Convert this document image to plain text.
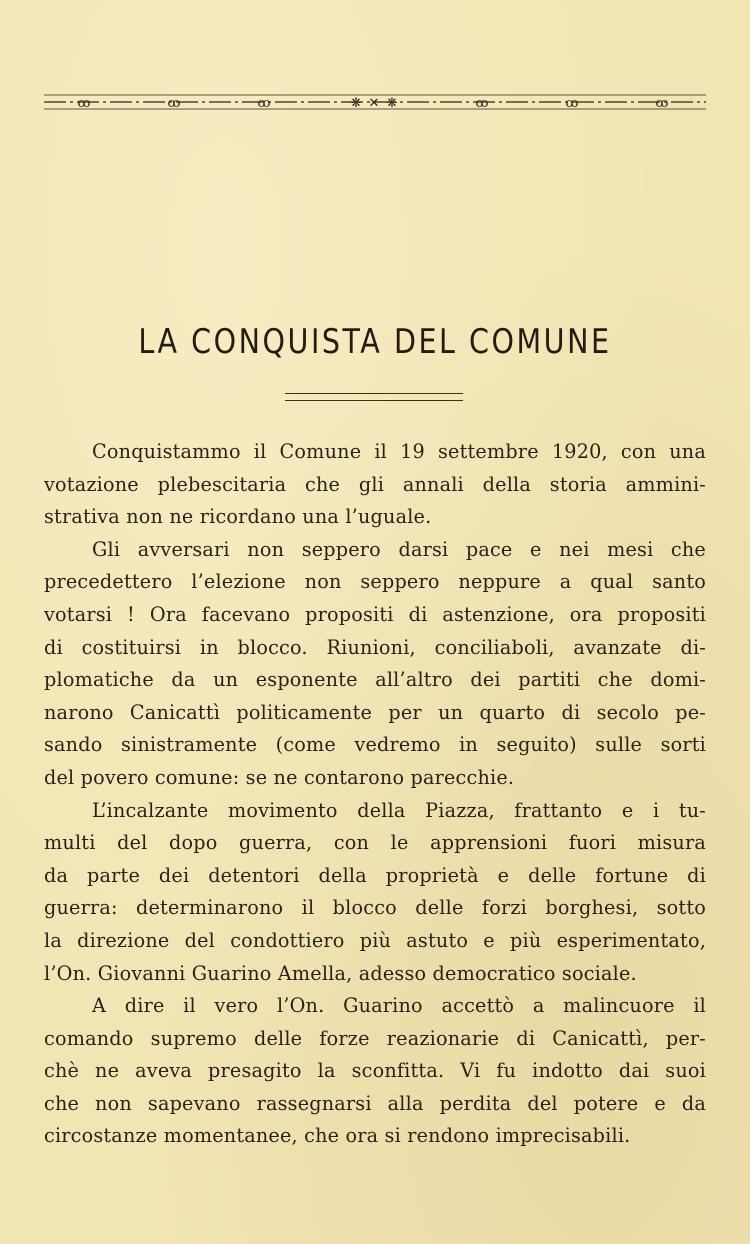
ꝏ	ꝏ	ꝏ	❋ ✕ ❋	ꝏ	ꝏ	ꝏ
LA CONQUISTA DEL COMUNE
Conquistammo il Comune il 19 settembre 1920, con una
votazione plebescitaria che gli annali della storia ammini-
strativa non ne ricordano una l’uguale.
Gli avversari non seppero darsi pace e nei mesi che
precedettero l’elezione non seppero neppure a qual santo
votarsi ! Ora facevano propositi di astenzione, ora propositi
di costituirsi in blocco. Riunioni, conciliaboli, avanzate di-
plomatiche da un esponente all’altro dei partiti che domi-
narono Canicattì politicamente per un quarto di secolo pe-
sando sinistramente (come vedremo in seguito) sulle sorti
del povero comune: se ne contarono parecchie.
L’incalzante movimento della Piazza, frattanto e i tu-
multi del dopo guerra, con le apprensioni fuori misura
da parte dei detentori della proprietà e delle fortune di
guerra: determinarono il blocco delle forzi borghesi, sotto
la direzione del condottiero più astuto e più esperimentato,
l’On. Giovanni Guarino Amella, adesso democratico sociale.
A dire il vero l’On. Guarino accettò a malincuore il
comando supremo delle forze reazionarie di Canicattì, per-
chè ne aveva presagito la sconfitta. Vi fu indotto dai suoi
che non sapevano rassegnarsi alla perdita del potere e da
circostanze momentanee, che ora si rendono imprecisabili.
